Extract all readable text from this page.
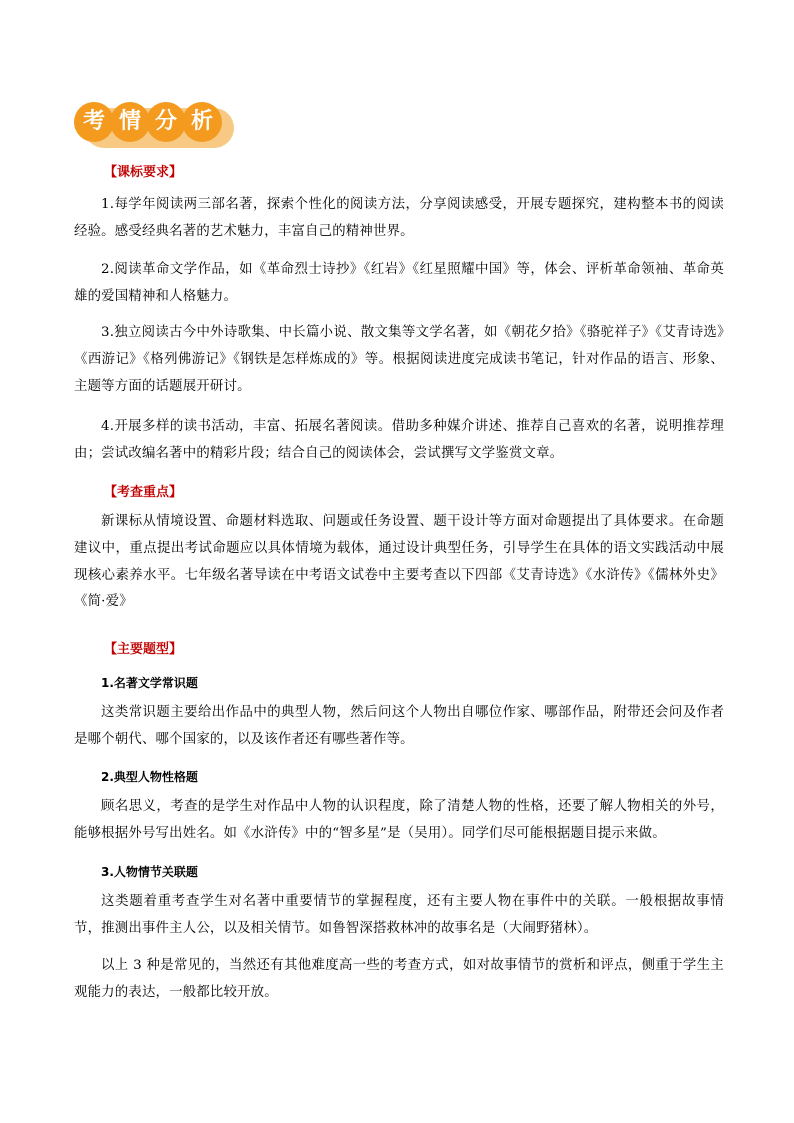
考 情 分 析
【课标要求】

1.每学年阅读两三部名著，探索个性化的阅读方法，分享阅读感受，开展专题探究，建构整本书的阅读经验。感受经典名著的艺术魅力，丰富自己的精神世界。

2.阅读革命文学作品，如《革命烈士诗抄》《红岩》《红星照耀中国》等，体会、评析革命领袖、革命英雄的爱国精神和人格魅力。

3.独立阅读古今中外诗歌集、中长篇小说、散文集等文学名著，如《朝花夕拾》《骆驼祥子》《艾青诗选》《西游记》《格列佛游记》《钢铁是怎样炼成的》等。根据阅读进度完成读书笔记，针对作品的语言、形象、主题等方面的话题展开研讨。

4.开展多样的读书活动，丰富、拓展名著阅读。借助多种媒介讲述、推荐自己喜欢的名著，说明推荐理由；尝试改编名著中的精彩片段；结合自己的阅读体会，尝试撰写文学鉴赏文章。

【考查重点】

新课标从情境设置、命题材料选取、问题或任务设置、题干设计等方面对命题提出了具体要求。在命题建议中，重点提出考试命题应以具体情境为载体，通过设计典型任务，引导学生在具体的语文实践活动中展现核心素养水平。七年级名著导读在中考语文试卷中主要考查以下四部《艾青诗选》《水浒传》《儒林外史》《简·爱》

【主要题型】
1.名著文学常识题

这类常识题主要给出作品中的典型人物，然后问这个人物出自哪位作家、哪部作品，附带还会问及作者是哪个朝代、哪个国家的，以及该作者还有哪些著作等。

2.典型人物性格题

顾名思义，考查的是学生对作品中人物的认识程度，除了清楚人物的性格，还要了解人物相关的外号，能够根据外号写出姓名。如《水浒传》中的“智多星”是（吴用）。同学们尽可能根据题目提示来做。

3.人物情节关联题

这类题着重考查学生对名著中重要情节的掌握程度，还有主要人物在事件中的关联。一般根据故事情节，推测出事件主人公，以及相关情节。如鲁智深搭救林冲的故事名是（大闹野猪林）。

以上 3 种是常见的，当然还有其他难度高一些的考查方式，如对故事情节的赏析和评点，侧重于学生主观能力的表达，一般都比较开放。
